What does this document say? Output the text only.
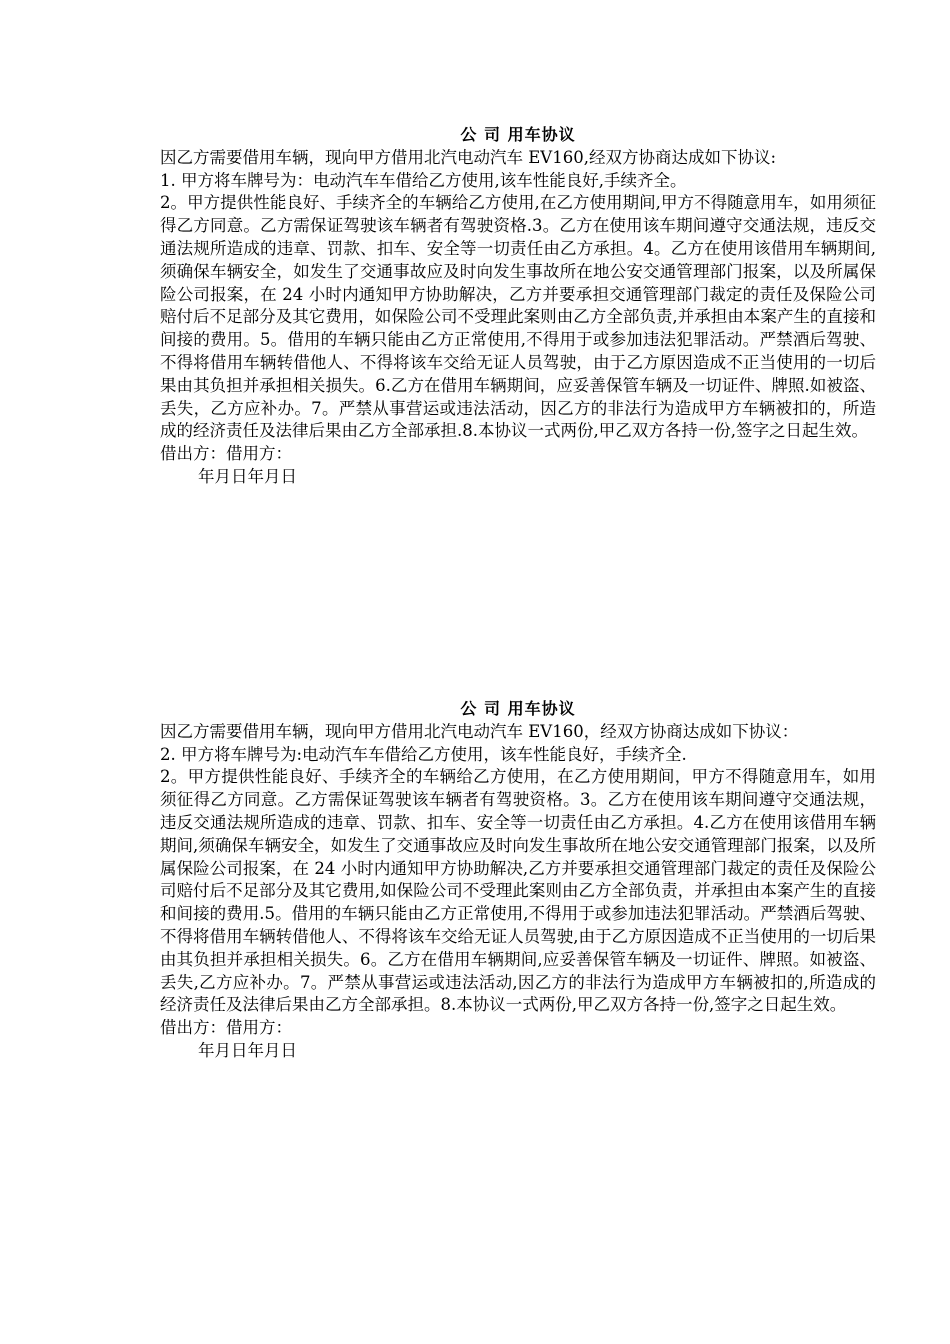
公 司 用车协议

因乙方需要借用车辆，现向甲方借用北汽电动汽车 EV160,经双方协商达成如下协议:

1. 甲方将车牌号为：电动汽车车借给乙方使用,该车性能良好,手续齐全。

2。甲方提供性能良好、手续齐全的车辆给乙方使用,在乙方使用期间,甲方不得随意用车，如用须征得乙方同意。乙方需保证驾驶该车辆者有驾驶资格.3。乙方在使用该车期间遵守交通法规，违反交通法规所造成的违章、罚款、扣车、安全等一切责任由乙方承担。4。乙方在使用该借用车辆期间,须确保车辆安全，如发生了交通事故应及时向发生事故所在地公安交通管理部门报案，以及所属保险公司报案，在 24 小时内通知甲方协助解决，乙方并要承担交通管理部门裁定的责任及保险公司赔付后不足部分及其它费用，如保险公司不受理此案则由乙方全部负责,并承担由本案产生的直接和间接的费用。5。借用的车辆只能由乙方正常使用,不得用于或参加违法犯罪活动。严禁酒后驾驶、不得将借用车辆转借他人、不得将该车交给无证人员驾驶，由于乙方原因造成不正当使用的一切后果由其负担并承担相关损失。6.乙方在借用车辆期间，应妥善保管车辆及一切证件、牌照.如被盗、丢失，乙方应补办。7。严禁从事营运或违法活动，因乙方的非法行为造成甲方车辆被扣的，所造成的经济责任及法律后果由乙方全部承担.8.本协议一式两份,甲乙双方各持一份,签字之日起生效。

借出方：借用方：

年月日年月日

公 司 用车协议

因乙方需要借用车辆，现向甲方借用北汽电动汽车 EV160，经双方协商达成如下协议：

2. 甲方将车牌号为:电动汽车车借给乙方使用，该车性能良好，手续齐全.

2。甲方提供性能良好、手续齐全的车辆给乙方使用，在乙方使用期间，甲方不得随意用车，如用须征得乙方同意。乙方需保证驾驶该车辆者有驾驶资格。3。乙方在使用该车期间遵守交通法规，违反交通法规所造成的违章、罚款、扣车、安全等一切责任由乙方承担。4.乙方在使用该借用车辆期间,须确保车辆安全，如发生了交通事故应及时向发生事故所在地公安交通管理部门报案，以及所属保险公司报案，在 24 小时内通知甲方协助解决,乙方并要承担交通管理部门裁定的责任及保险公司赔付后不足部分及其它费用,如保险公司不受理此案则由乙方全部负责，并承担由本案产生的直接和间接的费用.5。借用的车辆只能由乙方正常使用,不得用于或参加违法犯罪活动。严禁酒后驾驶、不得将借用车辆转借他人、不得将该车交给无证人员驾驶,由于乙方原因造成不正当使用的一切后果由其负担并承担相关损失。6。乙方在借用车辆期间,应妥善保管车辆及一切证件、牌照。如被盗、丢失,乙方应补办。7。严禁从事营运或违法活动,因乙方的非法行为造成甲方车辆被扣的,所造成的经济责任及法律后果由乙方全部承担。8.本协议一式两份,甲乙双方各持一份,签字之日起生效。

借出方：借用方：

年月日年月日
